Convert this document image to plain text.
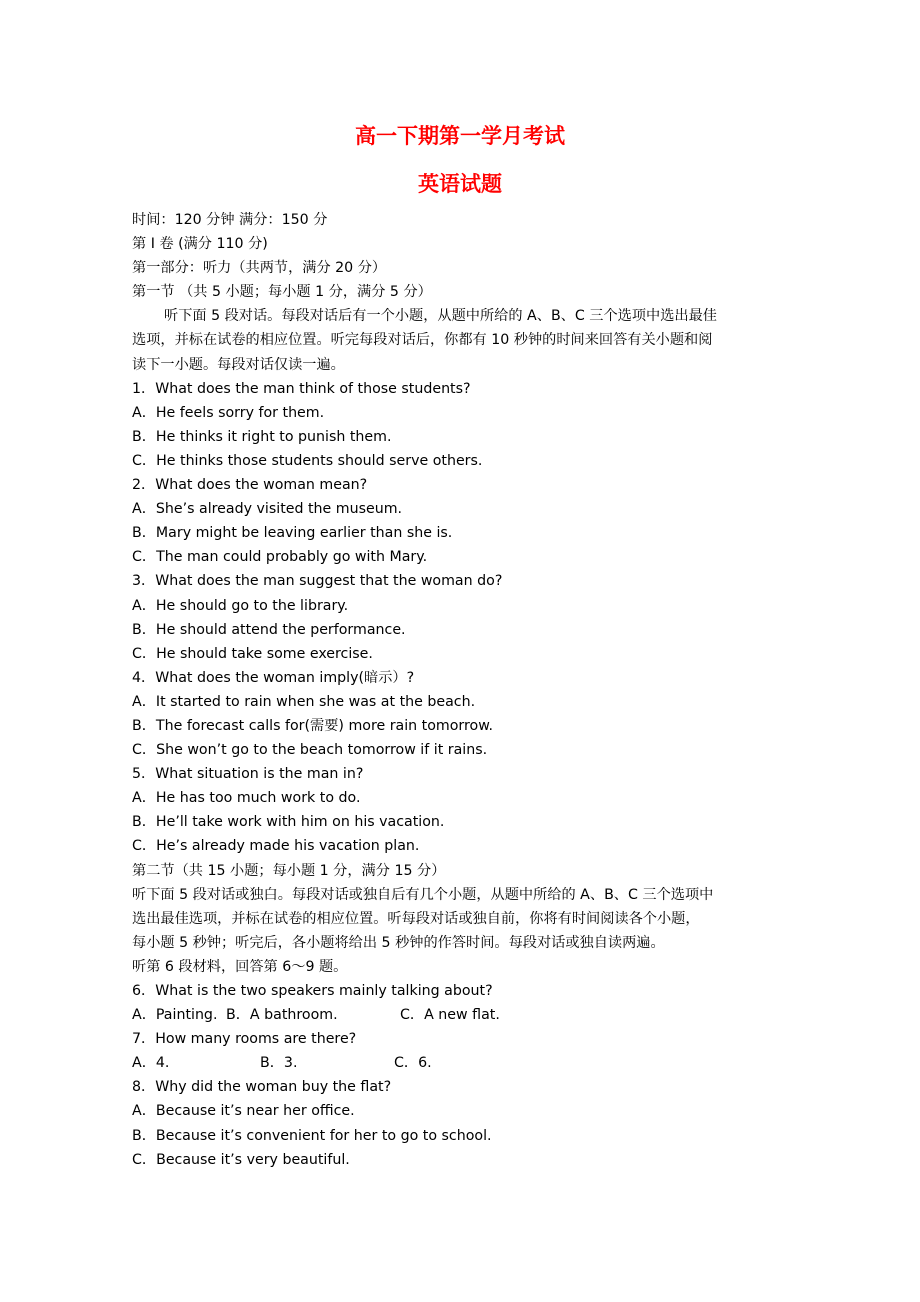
高一下期第一学月考试
英语试题
时间：120 分钟 满分：150 分
第 I 卷 (满分 110 分)
第一部分：听力（共两节，满分 20 分）
第一节 （共 5 小题；每小题 1 分，满分 5 分）
听下面 5 段对话。每段对话后有一个小题，从题中所给的 A、B、C 三个选项中选出最佳
选项，并标在试卷的相应位置。听完每段对话后，你都有 10 秒钟的时间来回答有关小题和阅
读下一小题。每段对话仅读一遍。
1．What does the man think of those students?
A．He feels sorry for them.
B．He thinks it right to punish them.
C．He thinks those students should serve others.
2．What does the woman mean?
A．She’s already visited the museum.
B．Mary might be leaving earlier than she is.
C．The man could probably go with Mary.
3．What does the man suggest that the woman do?
A．He should go to the library.
B．He should attend the performance.
C．He should take some exercise.
4．What does the woman imply(暗示）?
A．It started to rain when she was at the beach.
B．The forecast calls for(需要) more rain tomorrow.
C．She won’t go to the beach tomorrow if it rains.
5．What situation is the man in?
A．He has too much work to do.
B．He’ll take work with him on his vacation.
C．He’s already made his vacation plan.
第二节（共 15 小题；每小题 1 分，满分 15 分）
听下面 5 段对话或独白。每段对话或独自后有几个小题，从题中所给的 A、B、C 三个选项中
选出最佳选项，并标在试卷的相应位置。听每段对话或独自前，你将有时间阅读各个小题，
每小题 5 秒钟；听完后，各小题将给出 5 秒钟的作答时间。每段对话或独自读两遍。
听第 6 段材料，回答第 6～9 题。
6．What is the two speakers mainly talking about?
A．Painting. B．A bathroom.	C．A new flat.
7．How many rooms are there?
A．4.	B．3.	C．6.
8．Why did the woman buy the flat?
A．Because it’s near her office.
B．Because it’s convenient for her to go to school.
C．Because it’s very beautiful.
